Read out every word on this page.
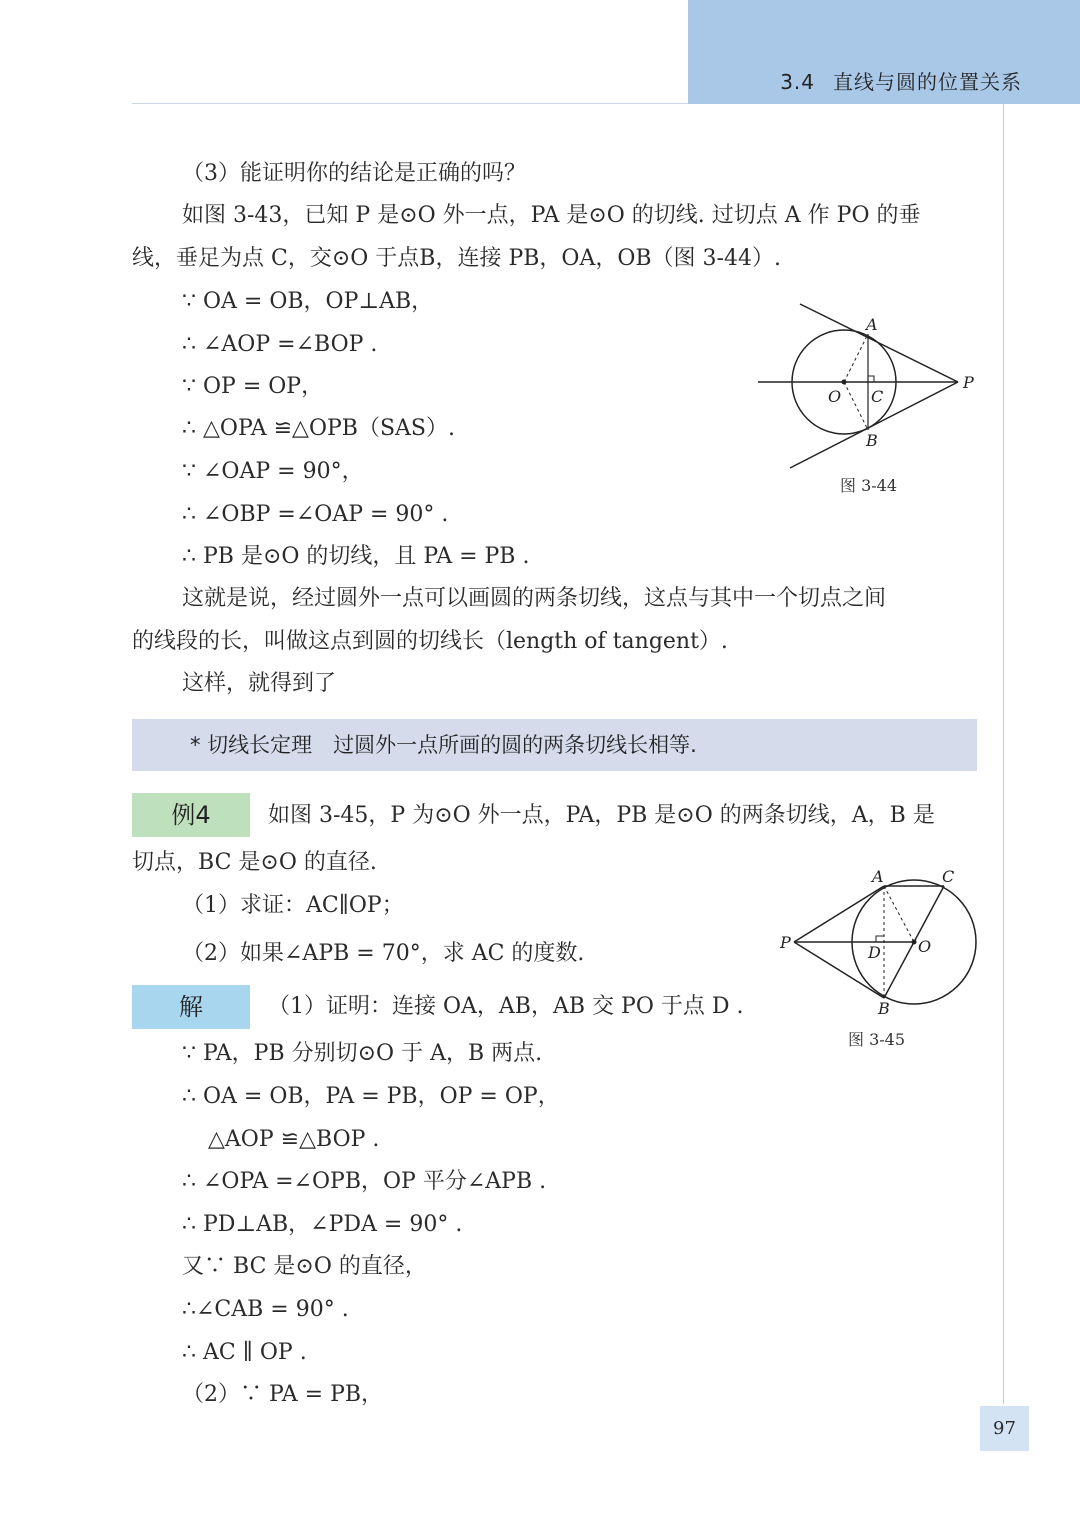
3.4 直线与圆的位置关系
（3）能证明你的结论是正确的吗？
如图 3-43，已知 P 是⊙O 外一点，PA 是⊙O 的切线. 过切点 A 作 PO 的垂
线，垂足为点 C，交⊙O 于点B，连接 PB，OA，OB（图 3-44）.
∵ OA = OB，OP⊥AB，
∴ ∠AOP =∠BOP .
∵ OP = OP，
∴ △OPA ≌△OPB（SAS）.
∵ ∠OAP = 90°，
∴ ∠OBP =∠OAP = 90° .
∴ PB 是⊙O 的切线，且 PA = PB .
这就是说，经过圆外一点可以画圆的两条切线，这点与其中一个切点之间
的线段的长，叫做这点到圆的切线长（length of tangent）.
这样，就得到了
* 切线长定理　过圆外一点所画的圆的两条切线长相等.
例4	如图 3-45，P 为⊙O 外一点，PA，PB 是⊙O 的两条切线，A，B 是
切点，BC 是⊙O 的直径.
（1）求证：AC∥OP；
（2）如果∠APB = 70°，求 AC 的度数.
解	（1）证明：连接 OA，AB，AB 交 PO 于点 D .
∵ PA，PB 分别切⊙O 于 A，B 两点.
∴ OA = OB，PA = PB，OP = OP，
△AOP ≌△BOP .
∴ ∠OPA =∠OPB，OP 平分∠APB .
∴ PD⊥AB，∠PDA = 90° .
又∵ BC 是⊙O 的直径，
∴∠CAB = 90° .
∴ AC ∥ OP .
（2）∵ PA = PB，
A
B
C
O
P
图 3-44
A	C
P
D O
B
图 3-45
97
